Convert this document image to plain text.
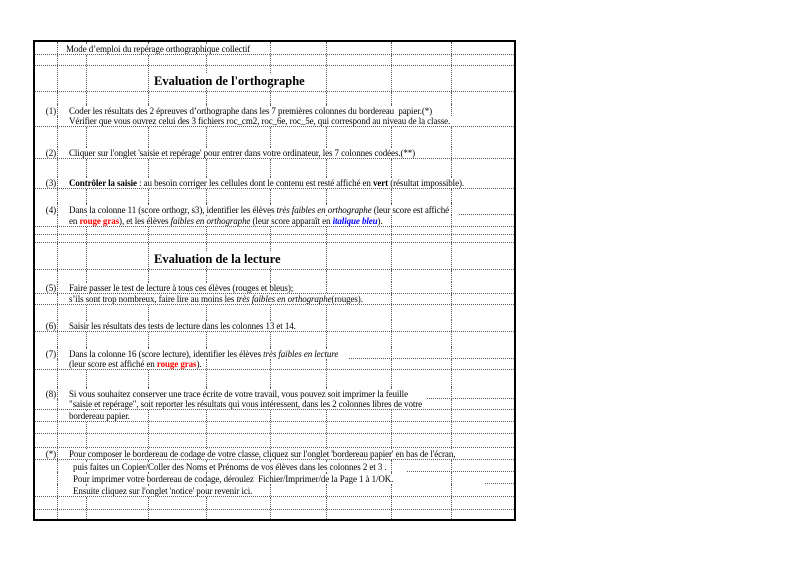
Mode d’emploi du repérage orthographique collectif
Evaluation de l'orthographe
(1) Coder les résultats des 2 épreuves d’orthographe dans les 7 premières colonnes du bordereau  papier.(*)
Vérifier que vous ouvrez celui des 3 fichiers roc_cm2, roc_6e, roc_5e, qui correspond au niveau de la classe.
(2) Cliquer sur l'onglet 'saisie et repérage' pour entrer dans votre ordinateur, les 7 colonnes codées.(**)
(3) Contrôler la saisie : au besoin corriger les cellules dont le contenu est resté affiché en vert (résultat impossible).
(4) Dans la colonne 11 (score orthogr, s3), identifier les élèves très faibles en orthographe (leur score est affiché
en rouge gras), et les élèves faibles en orthographe (leur score apparaît en italique bleu).
Evaluation de la lecture
(5) Faire passer le test de lecture à tous ces élèves (rouges et bleus);
s’ils sont trop nombreux, faire lire au moins les très faibles en orthographe(rouges).
(6) Saisir les résultats des tests de lecture dans les colonnes 13 et 14.
(7) Dans la colonne 16 (score lecture), identifier les élèves très faibles en lecture
(leur score est affiché en rouge gras).
(8) Si vous souhaitez conserver une trace écrite de votre travail, vous pouvez soit imprimer la feuille
"saisie et repérage", soit reporter les résultats qui vous intéressent, dans les 2 colonnes libres de votre
bordereau papier.
(*) Pour composer le bordereau de codage de votre classe, cliquez sur l'onglet 'bordereau papier' en bas de l'écran,
puis faites un Copier/Coller des Noms et Prénoms de vos élèves dans les colonnes 2 et 3 .
Pour imprimer votre bordereau de codage, déroulez  Fichier/Imprimer/de la Page 1 à 1/OK.
Ensuite cliquez sur l'onglet 'notice' pour revenir ici.
